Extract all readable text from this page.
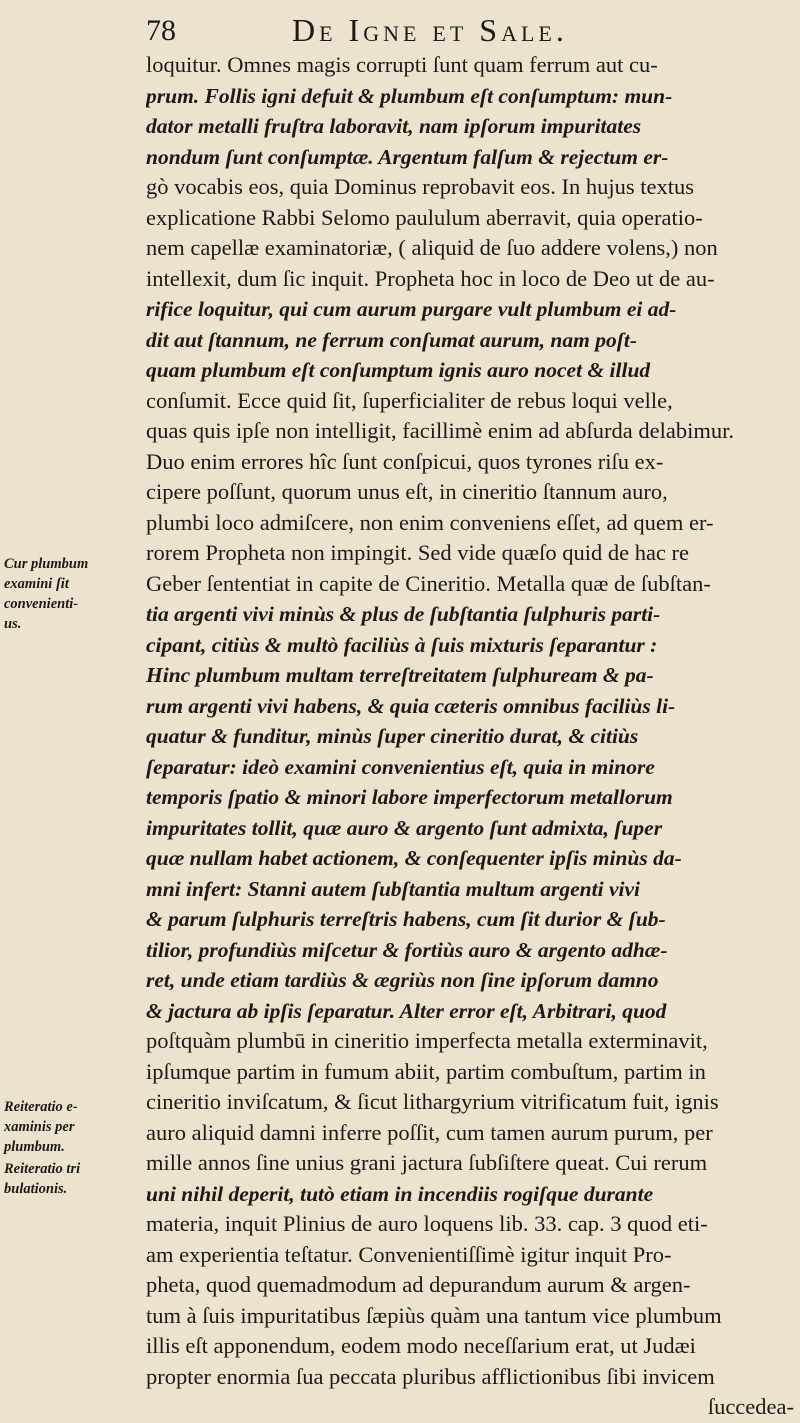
78	De Igne et Sale.
loquitur. Omnes magis corrupti ſunt quam ferrum aut cu-
prum. Follis igni defuit & plumbum eſt conſumptum: mun-
dator metalli fruſtra laboravit, nam ipſorum impuritates
nondum ſunt conſumptæ. Argentum falſum & rejectum er-
gò vocabis eos, quia Dominus reprobavit eos. In hujus textus
explicatione Rabbi Selomo paululum aberravit, quia operatio-
nem capellæ examinatoriæ, ( aliquid de ſuo addere volens,) non
intellexit, dum ſic inquit. Propheta hoc in loco de Deo ut de au-
rifice loquitur, qui cum aurum purgare vult plumbum ei ad-
dit aut ſtannum, ne ferrum conſumat aurum, nam poſt-
quam plumbum eſt conſumptum ignis auro nocet & illud
conſumit. Ecce quid ſit, ſuperficialiter de rebus loqui velle,
quas quis ipſe non intelligit, facillimè enim ad abſurda delabimur.
Duo enim errores hîc ſunt conſpicui, quos tyrones riſu ex-
cipere poſſunt, quorum unus eſt, in cineritio ſtannum auro,
plumbi loco admiſcere, non enim conveniens eſſet, ad quem er-
rorem Propheta non impingit. Sed vide quæſo quid de hac re
Geber ſententiat in capite de Cineritio. Metalla quæ de ſubſtan-
tia argenti vivi minùs & plus de ſubſtantia ſulphuris parti-
cipant, citiùs & multò faciliùs à ſuis mixturis ſeparantur :
Hinc plumbum multam terreſtreitatem ſulphuream & pa-
rum argenti vivi habens, & quia cæteris omnibus faciliùs li-
quatur & funditur, minùs ſuper cineritio durat, & citiùs
ſeparatur: ideò examini convenientius eſt, quia in minore
temporis ſpatio & minori labore imperfectorum metallorum
impuritates tollit, quæ auro & argento ſunt admixta, ſuper
quæ nullam habet actionem, & conſequenter ipſis minùs da-
mni infert: Stanni autem ſubſtantia multum argenti vivi
& parum ſulphuris terreſtris habens, cum ſit durior & ſub-
tilior, profundiùs miſcetur & fortiùs auro & argento adhæ-
ret, unde etiam tardiùs & ægriùs non ſine ipſorum damno
& jactura ab ipſis ſeparatur. Alter error eſt, Arbitrari, quod
poſtquàm plumbū in cineritio imperfecta metalla exterminavit,
ipſumque partim in fumum abiit, partim combuſtum, partim in
cineritio inviſcatum, & ſicut lithargyrium vitrificatum fuit, ignis
auro aliquid damni inferre poſſit, cum tamen aurum purum, per
mille annos ſine unius grani jactura ſubſiſtere queat. Cui rerum
uni nihil deperit, tutò etiam in incendiis rogiſque durante
materia, inquit Plinius de auro loquens lib. 33. cap. 3 quod eti-
am experientia teſtatur. Convenientiſſimè igitur inquit Pro-
pheta, quod quemadmodum ad depurandum aurum & argen-
tum à ſuis impuritatibus ſæpiùs quàm una tantum vice plumbum
illis eſt apponendum, eodem modo neceſſarium erat, ut Judæi
propter enormia ſua peccata pluribus afflictionibus ſibi invicem
ſuccedea-
Cur plumbum
examini ſit
convenienti-
us.
Reiteratio e-
xaminis per
plumbum.
Reiteratio tri
bulationis.
